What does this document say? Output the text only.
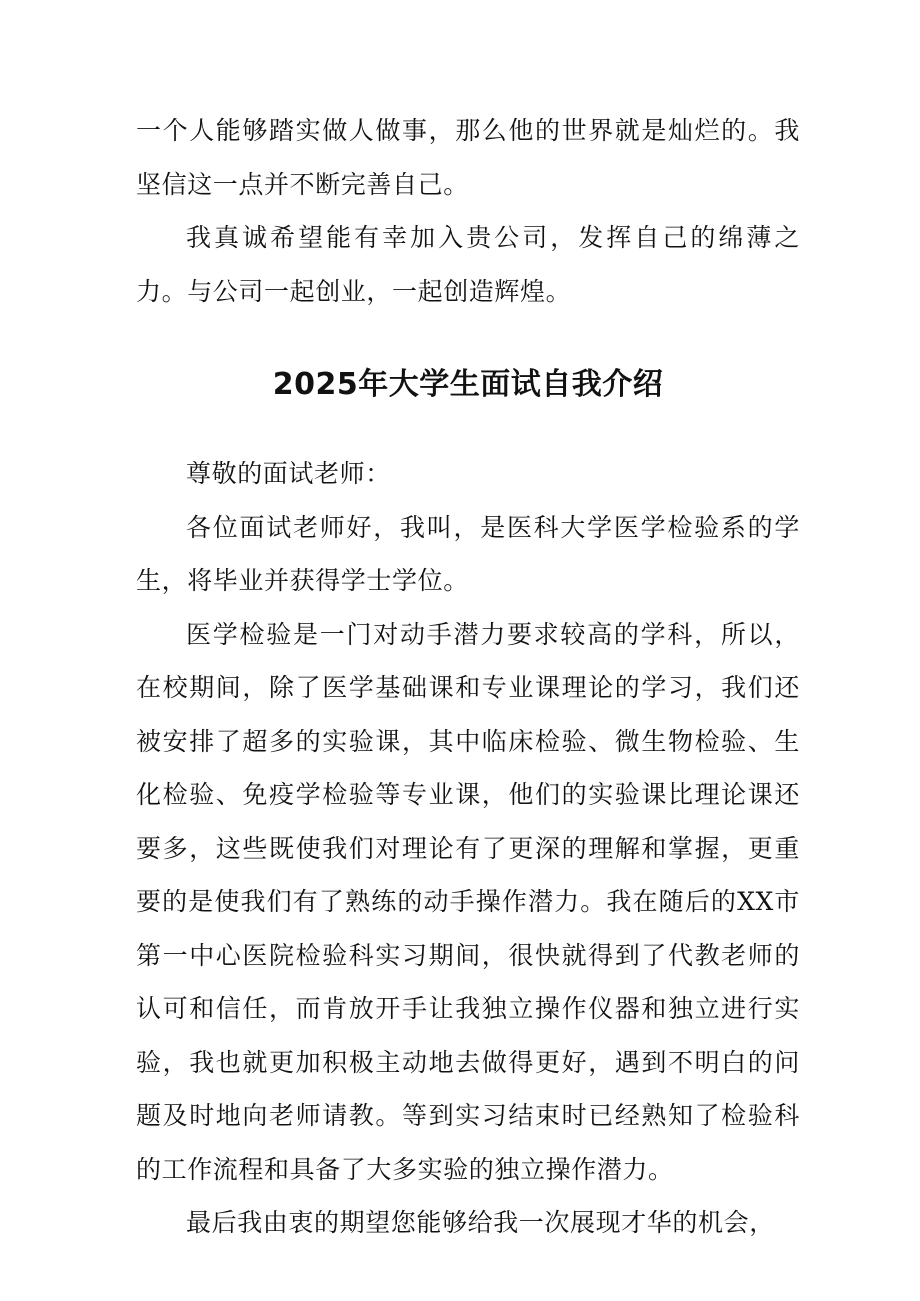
一个人能够踏实做人做事，那么他的世界就是灿烂的。我坚信这一点并不断完善自己。

我真诚希望能有幸加入贵公司，发挥自己的绵薄之力。与公司一起创业，一起创造辉煌。

2025年大学生面试自我介绍

尊敬的面试老师：

各位面试老师好，我叫，是医科大学医学检验系的学生，将毕业并获得学士学位。

医学检验是一门对动手潜力要求较高的学科，所以，在校期间，除了医学基础课和专业课理论的学习，我们还被安排了超多的实验课，其中临床检验、微生物检验、生化检验、免疫学检验等专业课，他们的实验课比理论课还要多，这些既使我们对理论有了更深的理解和掌握，更重要的是使我们有了熟练的动手操作潜力。我在随后的XX市第一中心医院检验科实习期间，很快就得到了代教老师的认可和信任，而肯放开手让我独立操作仪器和独立进行实验，我也就更加积极主动地去做得更好，遇到不明白的问题及时地向老师请教。等到实习结束时已经熟知了检验科的工作流程和具备了大多实验的独立操作潜力。

最后我由衷的期望您能够给我一次展现才华的机会，
